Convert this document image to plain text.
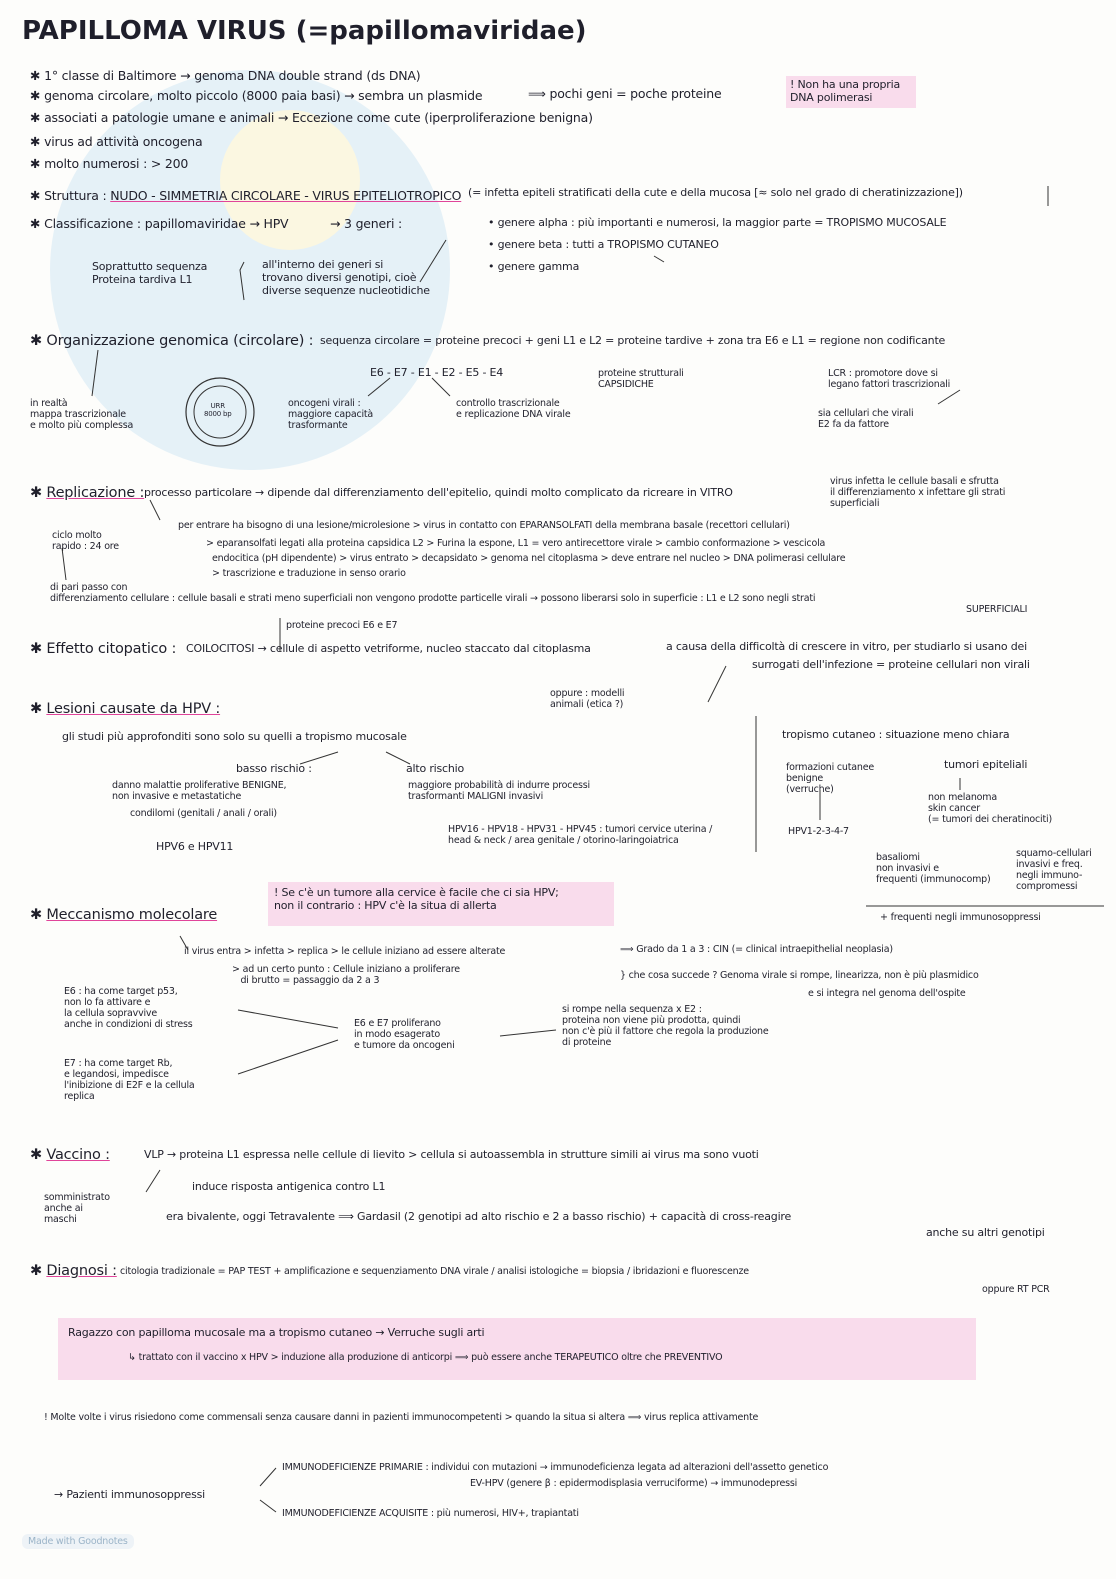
PAPILLOMA VIRUS (=papillomaviridae)
✱ 1° classe di Baltimore → genoma DNA double strand (ds DNA)
✱ genoma circolare, molto piccolo (8000 paia basi) → sembra un plasmide	⟹ pochi geni = poche proteine
! Non ha una propria
DNA polimerasi
✱ associati a patologie umane e animali → Eccezione come cute (iperproliferazione benigna)
✱ virus ad attività oncogena
✱ molto numerosi : > 200
✱ Struttura : NUDO - SIMMETRIA CIRCOLARE - VIRUS EPITELIOTROPICO (= infetta epiteli stratificati della cute e della mucosa [≈ solo nel grado di cheratinizzazione])
✱ Classificazione : papillomaviridae → HPV	→ 3 generi :	• genere alpha : più importanti e numerosi, la maggior parte = TROPISMO MUCOSALE
• genere beta : tutti a TROPISMO CUTANEO
• genere gamma
Soprattutto sequenza
Proteina tardiva L1
all'interno dei generi si
trovano diversi genotipi, cioè
diverse sequenze nucleotidiche
✱ Organizzazione genomica (circolare) : sequenza circolare = proteine precoci + geni L1 e L2 = proteine tardive + zona tra E6 e L1 = regione non codificante
E6 - E7 - E1 - E2 - E5 - E4
in realtà
mappa trascrizionale
e molto più complessa
oncogeni virali :
maggiore capacità
trasformante
controllo trascrizionale
e replicazione DNA virale
proteine strutturali
CAPSIDICHE
LCR : promotore dove si
legano fattori trascrizionali
sia cellulari che virali
E2 fa da fattore
URR
8000 bp
✱ Replicazione : processo particolare → dipende dal differenziamento dell'epitelio, quindi molto complicato da ricreare in VITRO
virus infetta le cellule basali e sfrutta
il differenziamento x infettare gli strati
superficiali
ciclo molto
rapido : 24 ore
per entrare ha bisogno di una lesione/microlesione > virus in contatto con EPARANSOLFATI della membrana basale (recettori cellulari)
> eparansolfati legati alla proteina capsidica L2 > Furina la espone, L1 = vero antirecettore virale > cambio conformazione > vescicola
endocitica (pH dipendente) > virus entrato > decapsidato > genoma nel citoplasma > deve entrare nel nucleo > DNA polimerasi cellulare
> trascrizione e traduzione in senso orario
di pari passo con
differenziamento cellulare : cellule basali e strati meno superficiali non vengono prodotte particelle virali → possono liberarsi solo in superficie : L1 e L2 sono negli strati
SUPERFICIALI
proteine precoci E6 e E7
✱ Effetto citopatico : COILOCITOSI → cellule di aspetto vetriforme, nucleo staccato dal citoplasma	a causa della difficoltà di crescere in vitro, per studiarlo si usano dei
surrogati dell'infezione = proteine cellulari non virali
oppure : modelli
animali (etica ?)
✱ Lesioni causate da HPV :
gli studi più approfonditi sono solo su quelli a tropismo mucosale
basso rischio :
danno malattie proliferative BENIGNE,
non invasive e metastatiche
condilomi (genitali / anali / orali)
HPV6 e HPV11
alto rischio
maggiore probabilità di indurre processi
trasformanti MALIGNI invasivi
HPV16 - HPV18 - HPV31 - HPV45 : tumori cervice uterina /
head & neck / area genitale / otorino-laringoiatrica
tropismo cutaneo : situazione meno chiara
formazioni cutanee
benigne
(verruche)
HPV1-2-3-4-7
tumori epiteliali
non melanoma
skin cancer
(= tumori dei cheratinociti)
basaliomi
non invasivi e
frequenti (immunocomp)
squamo-cellulari
invasivi e freq.
negli immuno-
compromessi
+ frequenti negli immunosoppressi
✱ Meccanismo molecolare
! Se c'è un tumore alla cervice è facile che ci sia HPV;
non il contrario : HPV c'è la situa di allerta
il virus entra > infetta > replica > le cellule iniziano ad essere alterate	⟹ Grado da 1 a 3 : CIN (= clinical intraepithelial neoplasia)
> ad un certo punto : Cellule iniziano a proliferare
di brutto = passaggio da 2 a 3	} che cosa succede ? Genoma virale si rompe, linearizza, non è più plasmidico
e si integra nel genoma dell'ospite
E6 : ha come target p53,
non lo fa attivare e
la cellula sopravvive
anche in condizioni di stress
E7 : ha come target Rb,
e legandosi, impedisce
l'inibizione di E2F e la cellula
replica
E6 e E7 proliferano
in modo esagerato
e tumore da oncogeni
si rompe nella sequenza x E2 :
proteina non viene più prodotta, quindi
non c'è più il fattore che regola la produzione
di proteine
✱ Vaccino :	VLP → proteina L1 espressa nelle cellule di lievito > cellula si autoassembla in strutture simili ai virus ma sono vuoti
induce risposta antigenica contro L1
somministrato
anche ai
maschi	era bivalente, oggi Tetravalente ⟹ Gardasil (2 genotipi ad alto rischio e 2 a basso rischio) + capacità di cross-reagire
anche su altri genotipi
✱ Diagnosi : citologia tradizionale = PAP TEST + amplificazione e sequenziamento DNA virale / analisi istologiche = biopsia / ibridazioni e fluorescenze
oppure RT PCR
Ragazzo con papilloma mucosale ma a tropismo cutaneo → Verruche sugli arti
↳ trattato con il vaccino x HPV > induzione alla produzione di anticorpi ⟹ può essere anche TERAPEUTICO oltre che PREVENTIVO
! Molte volte i virus risiedono come commensali senza causare danni in pazienti immunocompetenti > quando la situa si altera ⟹ virus replica attivamente
→ Pazienti immunosoppressi
IMMUNODEFICIENZE PRIMARIE : individui con mutazioni → immunodeficienza legata ad alterazioni dell'assetto genetico
EV-HPV (genere β : epidermodisplasia verruciforme) → immunodepressi
IMMUNODEFICIENZE ACQUISITE : più numerosi, HIV+, trapiantati
Made with Goodnotes
